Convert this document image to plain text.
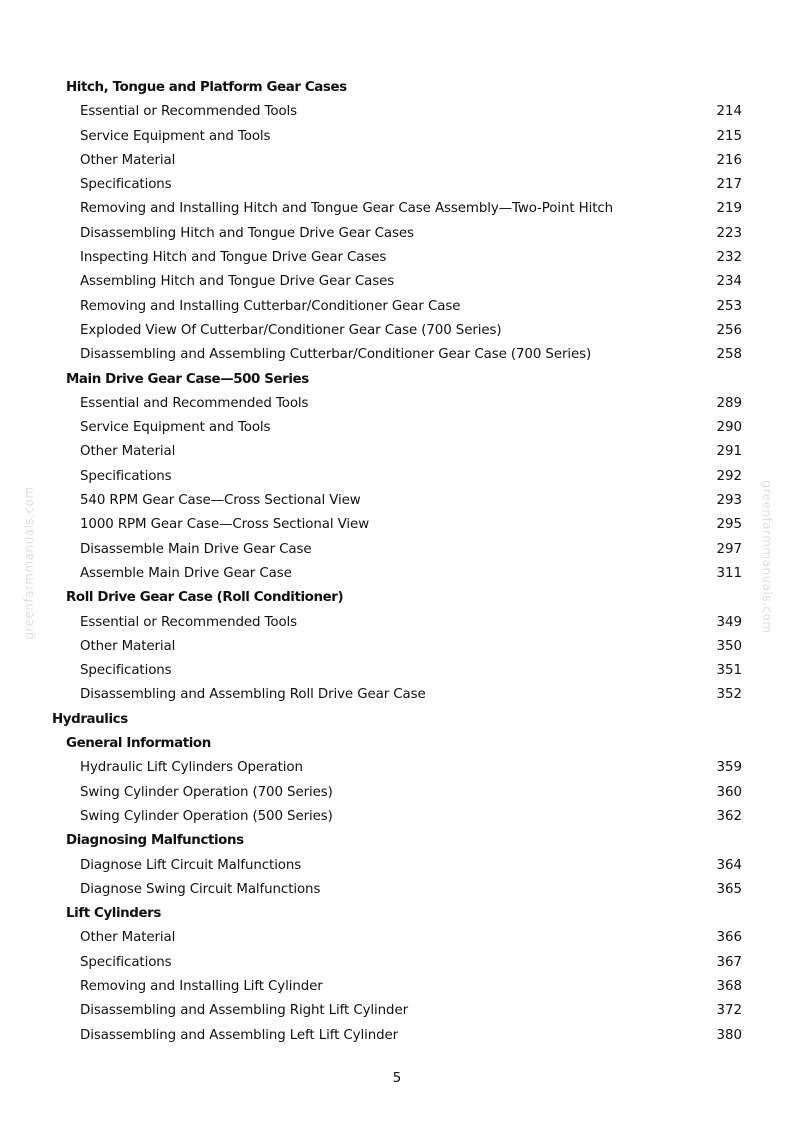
Hitch, Tongue and Platform Gear Cases
Essential or Recommended Tools	214
Service Equipment and Tools	215
Other Material	216
Specifications	217
Removing and Installing Hitch and Tongue Gear Case Assembly—Two-Point Hitch	219
Disassembling Hitch and Tongue Drive Gear Cases	223
Inspecting Hitch and Tongue Drive Gear Cases	232
Assembling Hitch and Tongue Drive Gear Cases	234
Removing and Installing Cutterbar/Conditioner Gear Case	253
Exploded View Of Cutterbar/Conditioner Gear Case (700 Series)	256
Disassembling and Assembling Cutterbar/Conditioner Gear Case (700 Series)	258
Main Drive Gear Case—500 Series
Essential and Recommended Tools	289
Service Equipment and Tools	290
Other Material	291
Specifications	292
540 RPM Gear Case—Cross Sectional View	293
1000 RPM Gear Case—Cross Sectional View	295
Disassemble Main Drive Gear Case	297
Assemble Main Drive Gear Case	311
Roll Drive Gear Case (Roll Conditioner)
Essential or Recommended Tools	349
Other Material	350
Specifications	351
Disassembling and Assembling Roll Drive Gear Case	352
Hydraulics
General Information
Hydraulic Lift Cylinders Operation	359
Swing Cylinder Operation (700 Series)	360
Swing Cylinder Operation (500 Series)	362
Diagnosing Malfunctions
Diagnose Lift Circuit Malfunctions	364
Diagnose Swing Circuit Malfunctions	365
Lift Cylinders
Other Material	366
Specifications	367
Removing and Installing Lift Cylinder	368
Disassembling and Assembling Right Lift Cylinder	372
Disassembling and Assembling Left Lift Cylinder	380
5
greenfarmmanuals.com	greenfarmmanuals.com
